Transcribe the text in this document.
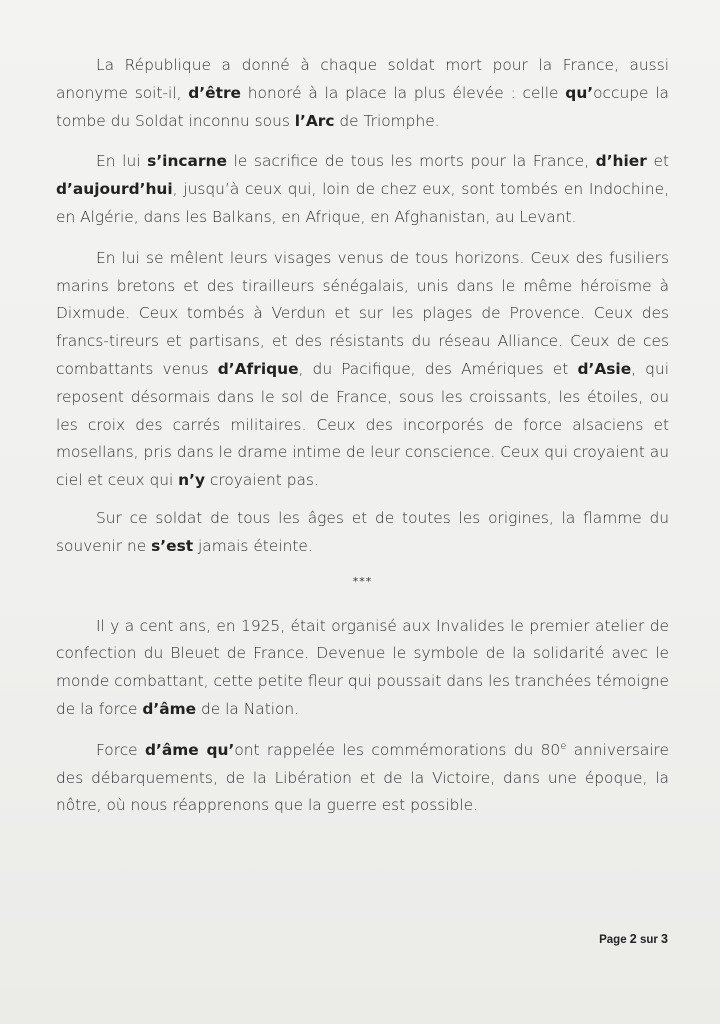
La République a donné à chaque soldat mort pour la France, aussi anonyme soit-il, d’être honoré à la place la plus élevée : celle qu’occupe la tombe du Soldat inconnu sous l’Arc de Triomphe.

En lui s’incarne le sacrifice de tous les morts pour la France, d’hier et d’aujourd’hui, jusqu’à ceux qui, loin de chez eux, sont tombés en Indochine, en Algérie, dans les Balkans, en Afrique, en Afghanistan, au Levant.

En lui se mêlent leurs visages venus de tous horizons. Ceux des fusiliers marins bretons et des tirailleurs sénégalais, unis dans le même héroïsme à Dixmude. Ceux tombés à Verdun et sur les plages de Provence. Ceux des francs-tireurs et partisans, et des résistants du réseau Alliance. Ceux de ces combattants venus d’Afrique, du Pacifique, des Amériques et d’Asie, qui reposent désormais dans le sol de France, sous les croissants, les étoiles, ou les croix des carrés militaires. Ceux des incorporés de force alsaciens et mosellans, pris dans le drame intime de leur conscience. Ceux qui croyaient au ciel et ceux qui n’y croyaient pas.

Sur ce soldat de tous les âges et de toutes les origines, la flamme du souvenir ne s’est jamais éteinte.

***

Il y a cent ans, en 1925, était organisé aux Invalides le premier atelier de confection du Bleuet de France. Devenue le symbole de la solidarité avec le monde combattant, cette petite fleur qui poussait dans les tranchées témoigne de la force d’âme de la Nation.

Force d’âme qu’ont rappelée les commémorations du 80e anniversaire des débarquements, de la Libération et de la Victoire, dans une époque, la nôtre, où nous réapprenons que la guerre est possible.

Page 2 sur 3
